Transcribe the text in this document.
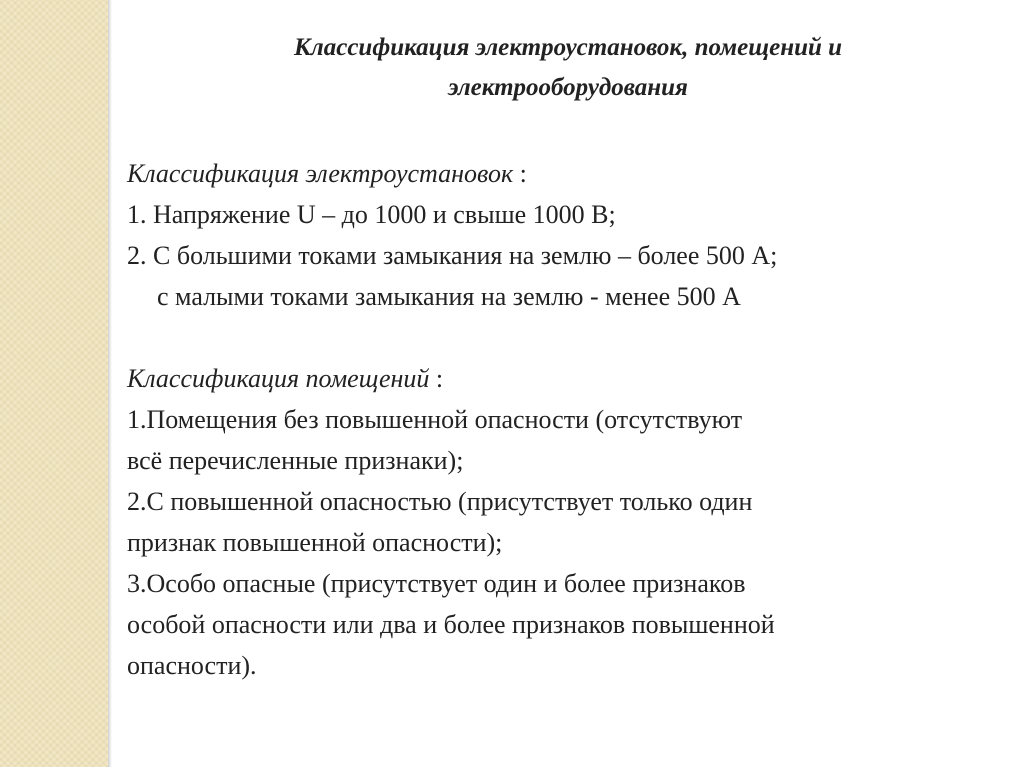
Классификация электроустановок, помещений и
электрооборудования
Классификация электроустановок :
1. Напряжение U – до 1000 и свыше 1000 В;
2. С большими токами замыкания на землю – более 500 А;
с малыми токами замыкания на землю - менее 500 А
Классификация помещений :
1.Помещения без повышенной опасности (отсутствуют
всё перечисленные признаки);
2.С повышенной опасностью (присутствует только один
признак повышенной опасности);
3.Особо опасные (присутствует один и более признаков
особой опасности или два и более признаков повышенной
опасности).
